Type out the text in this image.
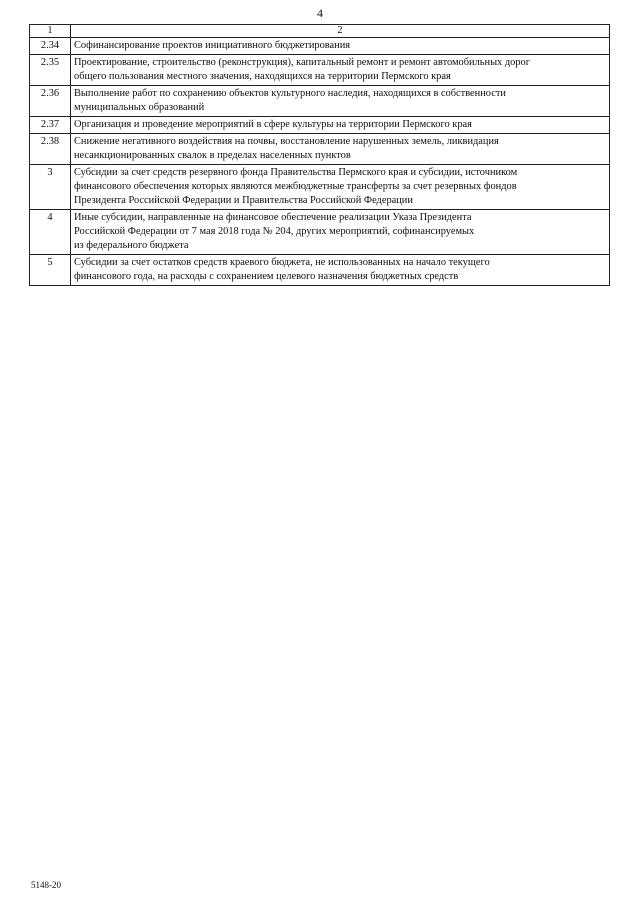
4
1	2
2.34	Софинансирование проектов инициативного бюджетирования

2.35	Проектирование, строительство (реконструкция), капитальный ремонт и ремонт автомобильных дорог
общего пользования местного значения, находящихся на территории Пермского края

2.36	Выполнение работ по сохранению объектов культурного наследия, находящихся в собственности
муниципальных образований

2.37	Организация и проведение мероприятий в сфере культуры на территории Пермского края

2.38	Снижение негативного воздействия на почвы, восстановление нарушенных земель, ликвидация
несанкционированных свалок в пределах населенных пунктов

3	Субсидии за счет средств резервного фонда Правительства Пермского края и субсидии, источником
финансового обеспечения которых являются межбюджетные трансферты за счет резервных фондов
Президента Российской Федерации и Правительства Российской Федерации

4	Иные субсидии, направленные на финансовое обеспечение реализации Указа Президента
Российской Федерации от 7 мая 2018 года № 204, других мероприятий, софинансируемых
из федерального бюджета

5	Субсидии за счет остатков средств краевого бюджета, не использованных на начало текущего
финансового года, на расходы с сохранением целевого назначения бюджетных средств
5148-20
